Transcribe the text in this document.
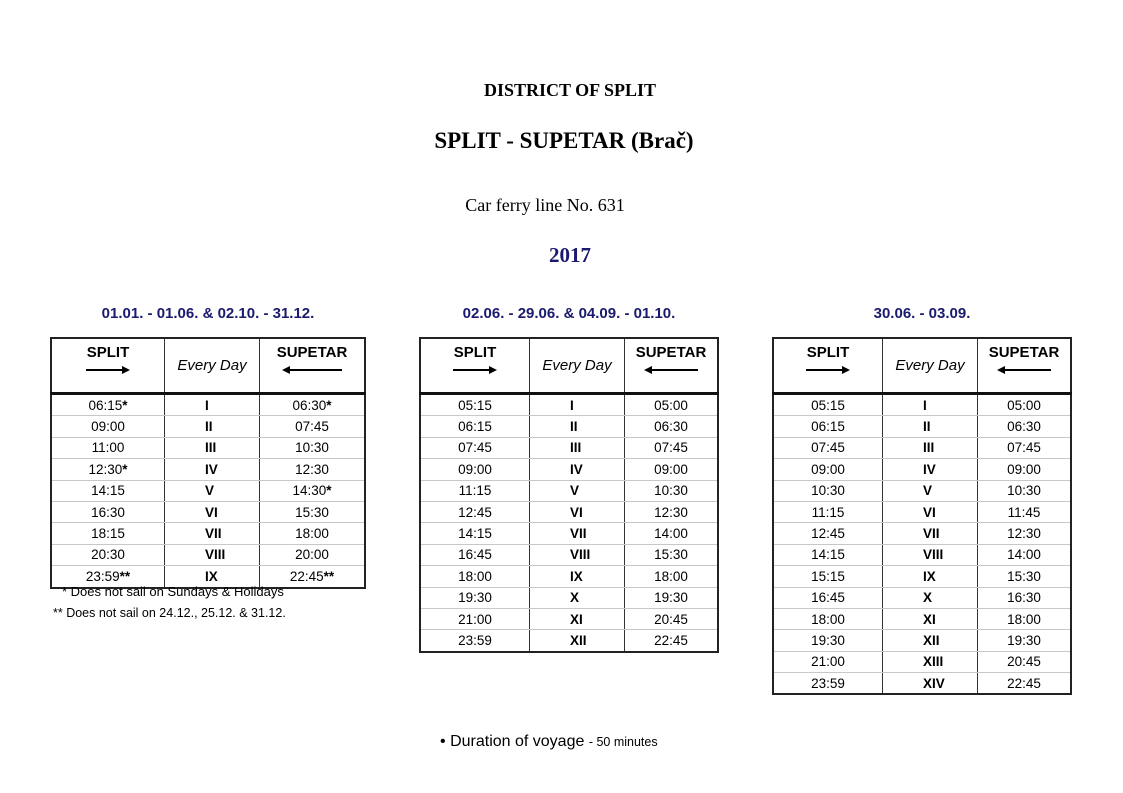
DISTRICT OF SPLIT
SPLIT - SUPETAR (Brač)
Car ferry line No. 631
2017
01.01. - 01.06. & 02.10. - 31.12.
SPLIT	Every Day	SUPETAR

06:15*	I	06:30*
09:00	II	07:45
11:00	III	10:30
12:30*	IV	12:30
14:15	V	14:30*
16:30	VI	15:30
18:15	VII	18:00
20:30	VIII	20:00
23:59**	IX	22:45**
* Does not sail on Sundays & Holidays
** Does not sail on 24.12., 25.12. & 31.12.
02.06. - 29.06. & 04.09. - 01.10.
SPLIT	Every Day	SUPETAR

05:15	I	05:00
06:15	II	06:30
07:45	III	07:45
09:00	IV	09:00
11:15	V	10:30
12:45	VI	12:30
14:15	VII	14:00
16:45	VIII	15:30
18:00	IX	18:00
19:30	X	19:30
21:00	XI	20:45
23:59	XII	22:45
30.06. - 03.09.
SPLIT	Every Day	SUPETAR

05:15	I	05:00
06:15	II	06:30
07:45	III	07:45
09:00	IV	09:00
10:30	V	10:30
11:15	VI	11:45
12:45	VII	12:30
14:15	VIII	14:00
15:15	IX	15:30
16:45	X	16:30
18:00	XI	18:00
19:30	XII	19:30
21:00	XIII	20:45
23:59	XIV	22:45
• Duration of voyage - 50 minutes
